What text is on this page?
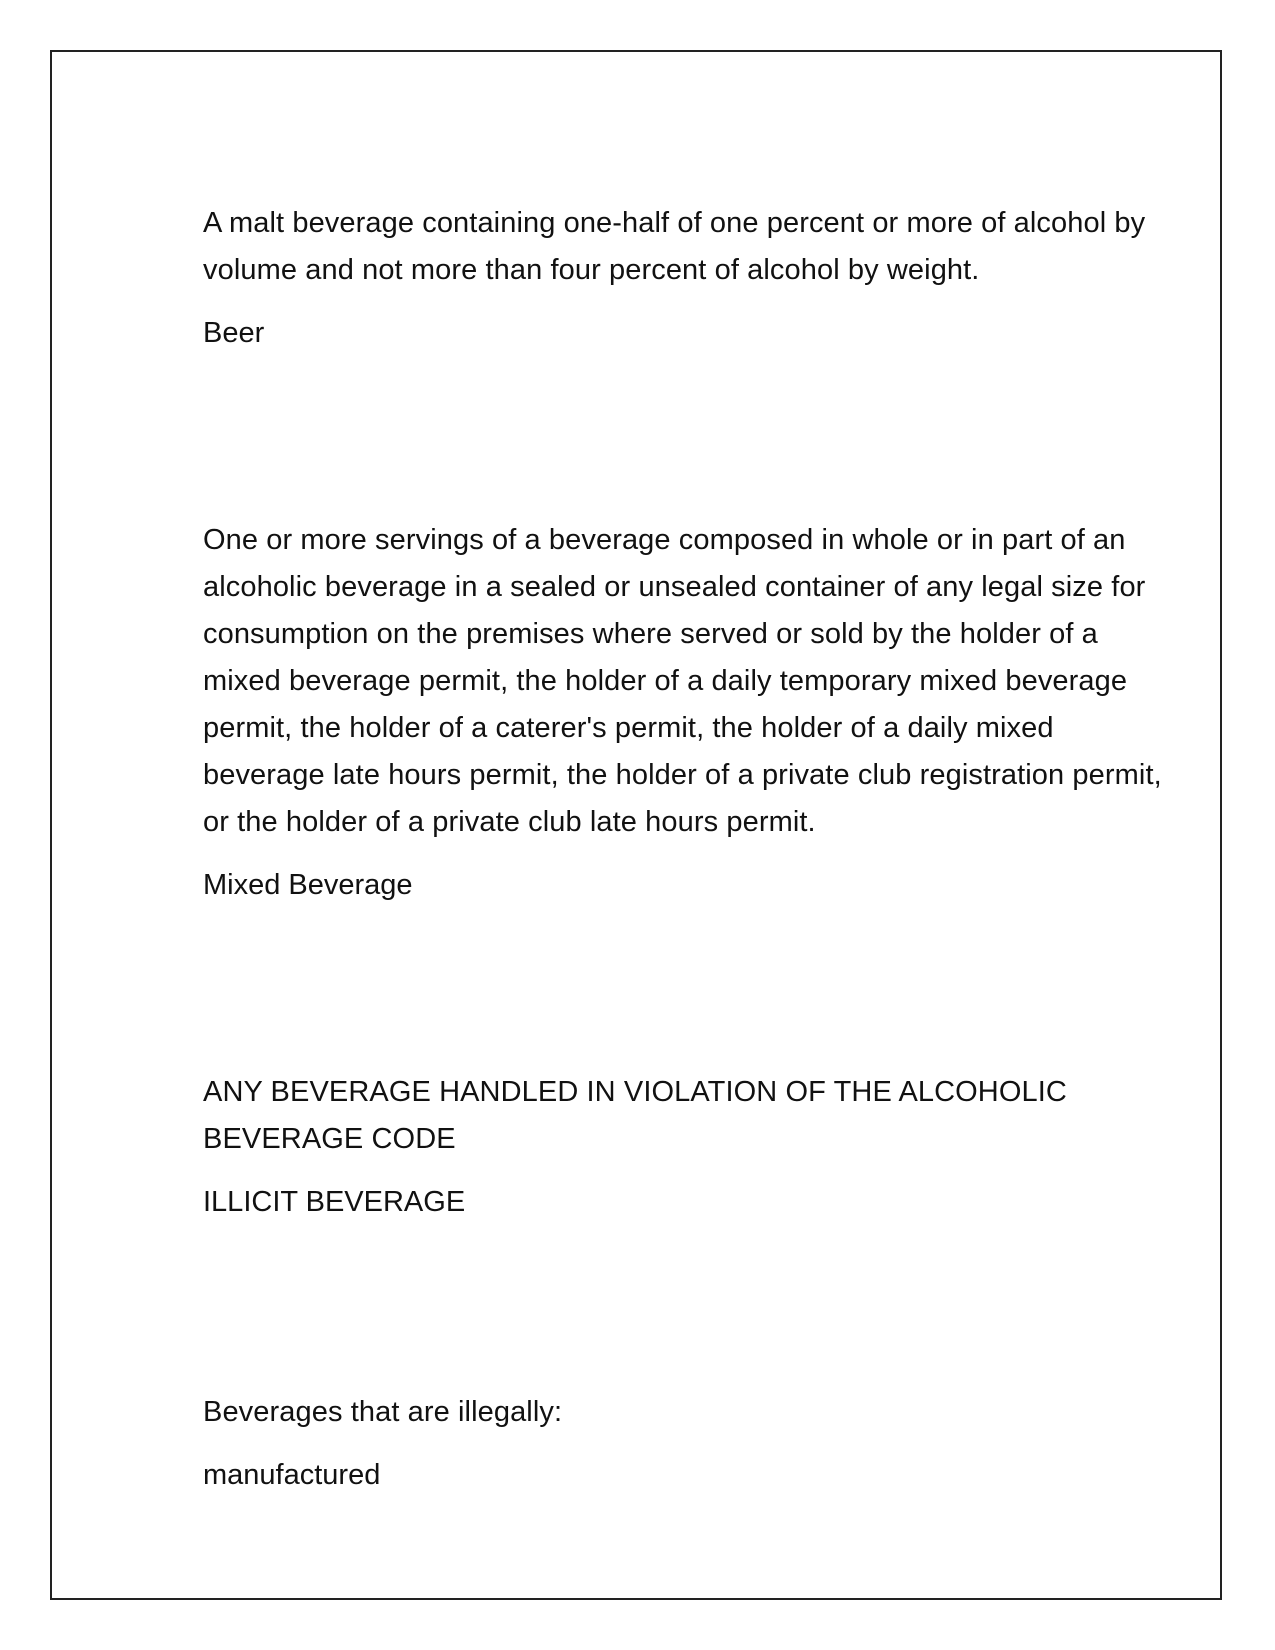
A malt beverage containing one-half of one percent or more of alcohol by volume and not more than four percent of alcohol by weight.

Beer

One or more servings of a beverage composed in whole or in part of an alcoholic beverage in a sealed or unsealed container of any legal size for consumption on the premises where served or sold by the holder of a mixed beverage permit, the holder of a daily temporary mixed beverage permit, the holder of a caterer's permit, the holder of a daily mixed beverage late hours permit, the holder of a private club registration permit, or the holder of a private club late hours permit.

Mixed Beverage

ANY BEVERAGE HANDLED IN VIOLATION OF THE ALCOHOLIC BEVERAGE CODE

ILLICIT BEVERAGE

Beverages that are illegally:

manufactured
